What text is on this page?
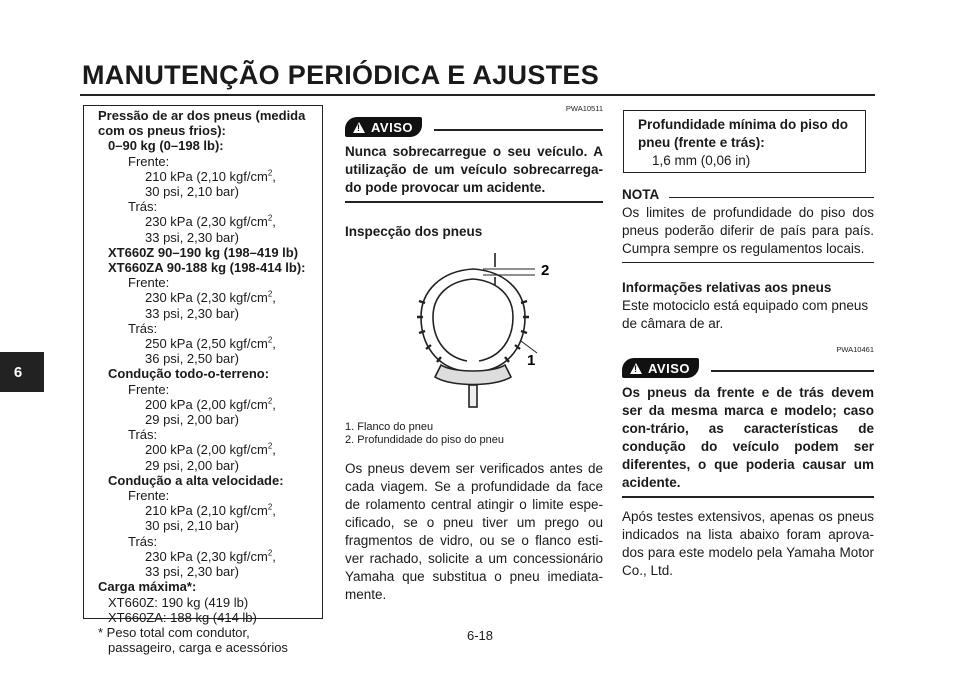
MANUTENÇÃO PERIÓDICA E AJUSTES
6
Pressão de ar dos pneus (medida
com os pneus frios):
0–90 kg (0–198 lb):
Frente:
210 kPa (2,10 kgf/$cm^2$,
30 psi, 2,10 bar)
Trás:
230 kPa (2,30 kgf/$cm^2$,
33 psi, 2,30 bar)
XT660Z 90–190 kg (198–419 lb)
XT660ZA 90-188 kg (198-414 lb):
Frente:
230 kPa (2,30 kgf/$cm^2$,
33 psi, 2,30 bar)
Trás:
250 kPa (2,50 kgf/$cm^2$,
36 psi, 2,50 bar)
Condução todo-o-terreno:
Frente:
200 kPa (2,00 kgf/$cm^2$,
29 psi, 2,00 bar)
Trás:
200 kPa (2,00 kgf/$cm^2$,
29 psi, 2,00 bar)
Condução a alta velocidade:
Frente:
210 kPa (2,10 kgf/$cm^2$,
30 psi, 2,10 bar)
Trás:
230 kPa (2,30 kgf/$cm^2$,
33 psi, 2,30 bar)
Carga máxima*:
XT660Z: 190 kg (419 lb)
XT660ZA: 188 kg (414 lb)
* Peso total com condutor,
passageiro, carga e acessórios
PWA10511
!
AVISO
Nunca sobrecarregue o seu veículo. A utilização de um veículo sobrecarrega-do pode provocar um acidente.
Inspecção dos pneus
2
1
1. Flanco do pneu
2. Profundidade do piso do pneu
Os pneus devem ser verificados antes de cada viagem. Se a profundidade da face de rolamento central atingir o limite espe-cificado, se o pneu tiver um prego ou fragmentos de vidro, ou se o flanco esti-ver rachado, solicite a um concessionário Yamaha que substitua o pneu imediata-mente.
Profundidade mínima do piso do
pneu (frente e trás):
1,6 mm (0,06 in)
NOTA
Os limites de profundidade do piso dos pneus poderão diferir de país para país. Cumpra sempre os regulamentos locais.
Informações relativas aos pneus
Este motociclo está equipado com pneus de câmara de ar.
PWA10461
!
AVISO
Os pneus da frente e de trás devem ser da mesma marca e modelo; caso con-trário, as características de condução do veículo podem ser diferentes, o que poderia causar um acidente.
Após testes extensivos, apenas os pneus indicados na lista abaixo foram aprova-dos para este modelo pela Yamaha Motor Co., Ltd.
6-18
